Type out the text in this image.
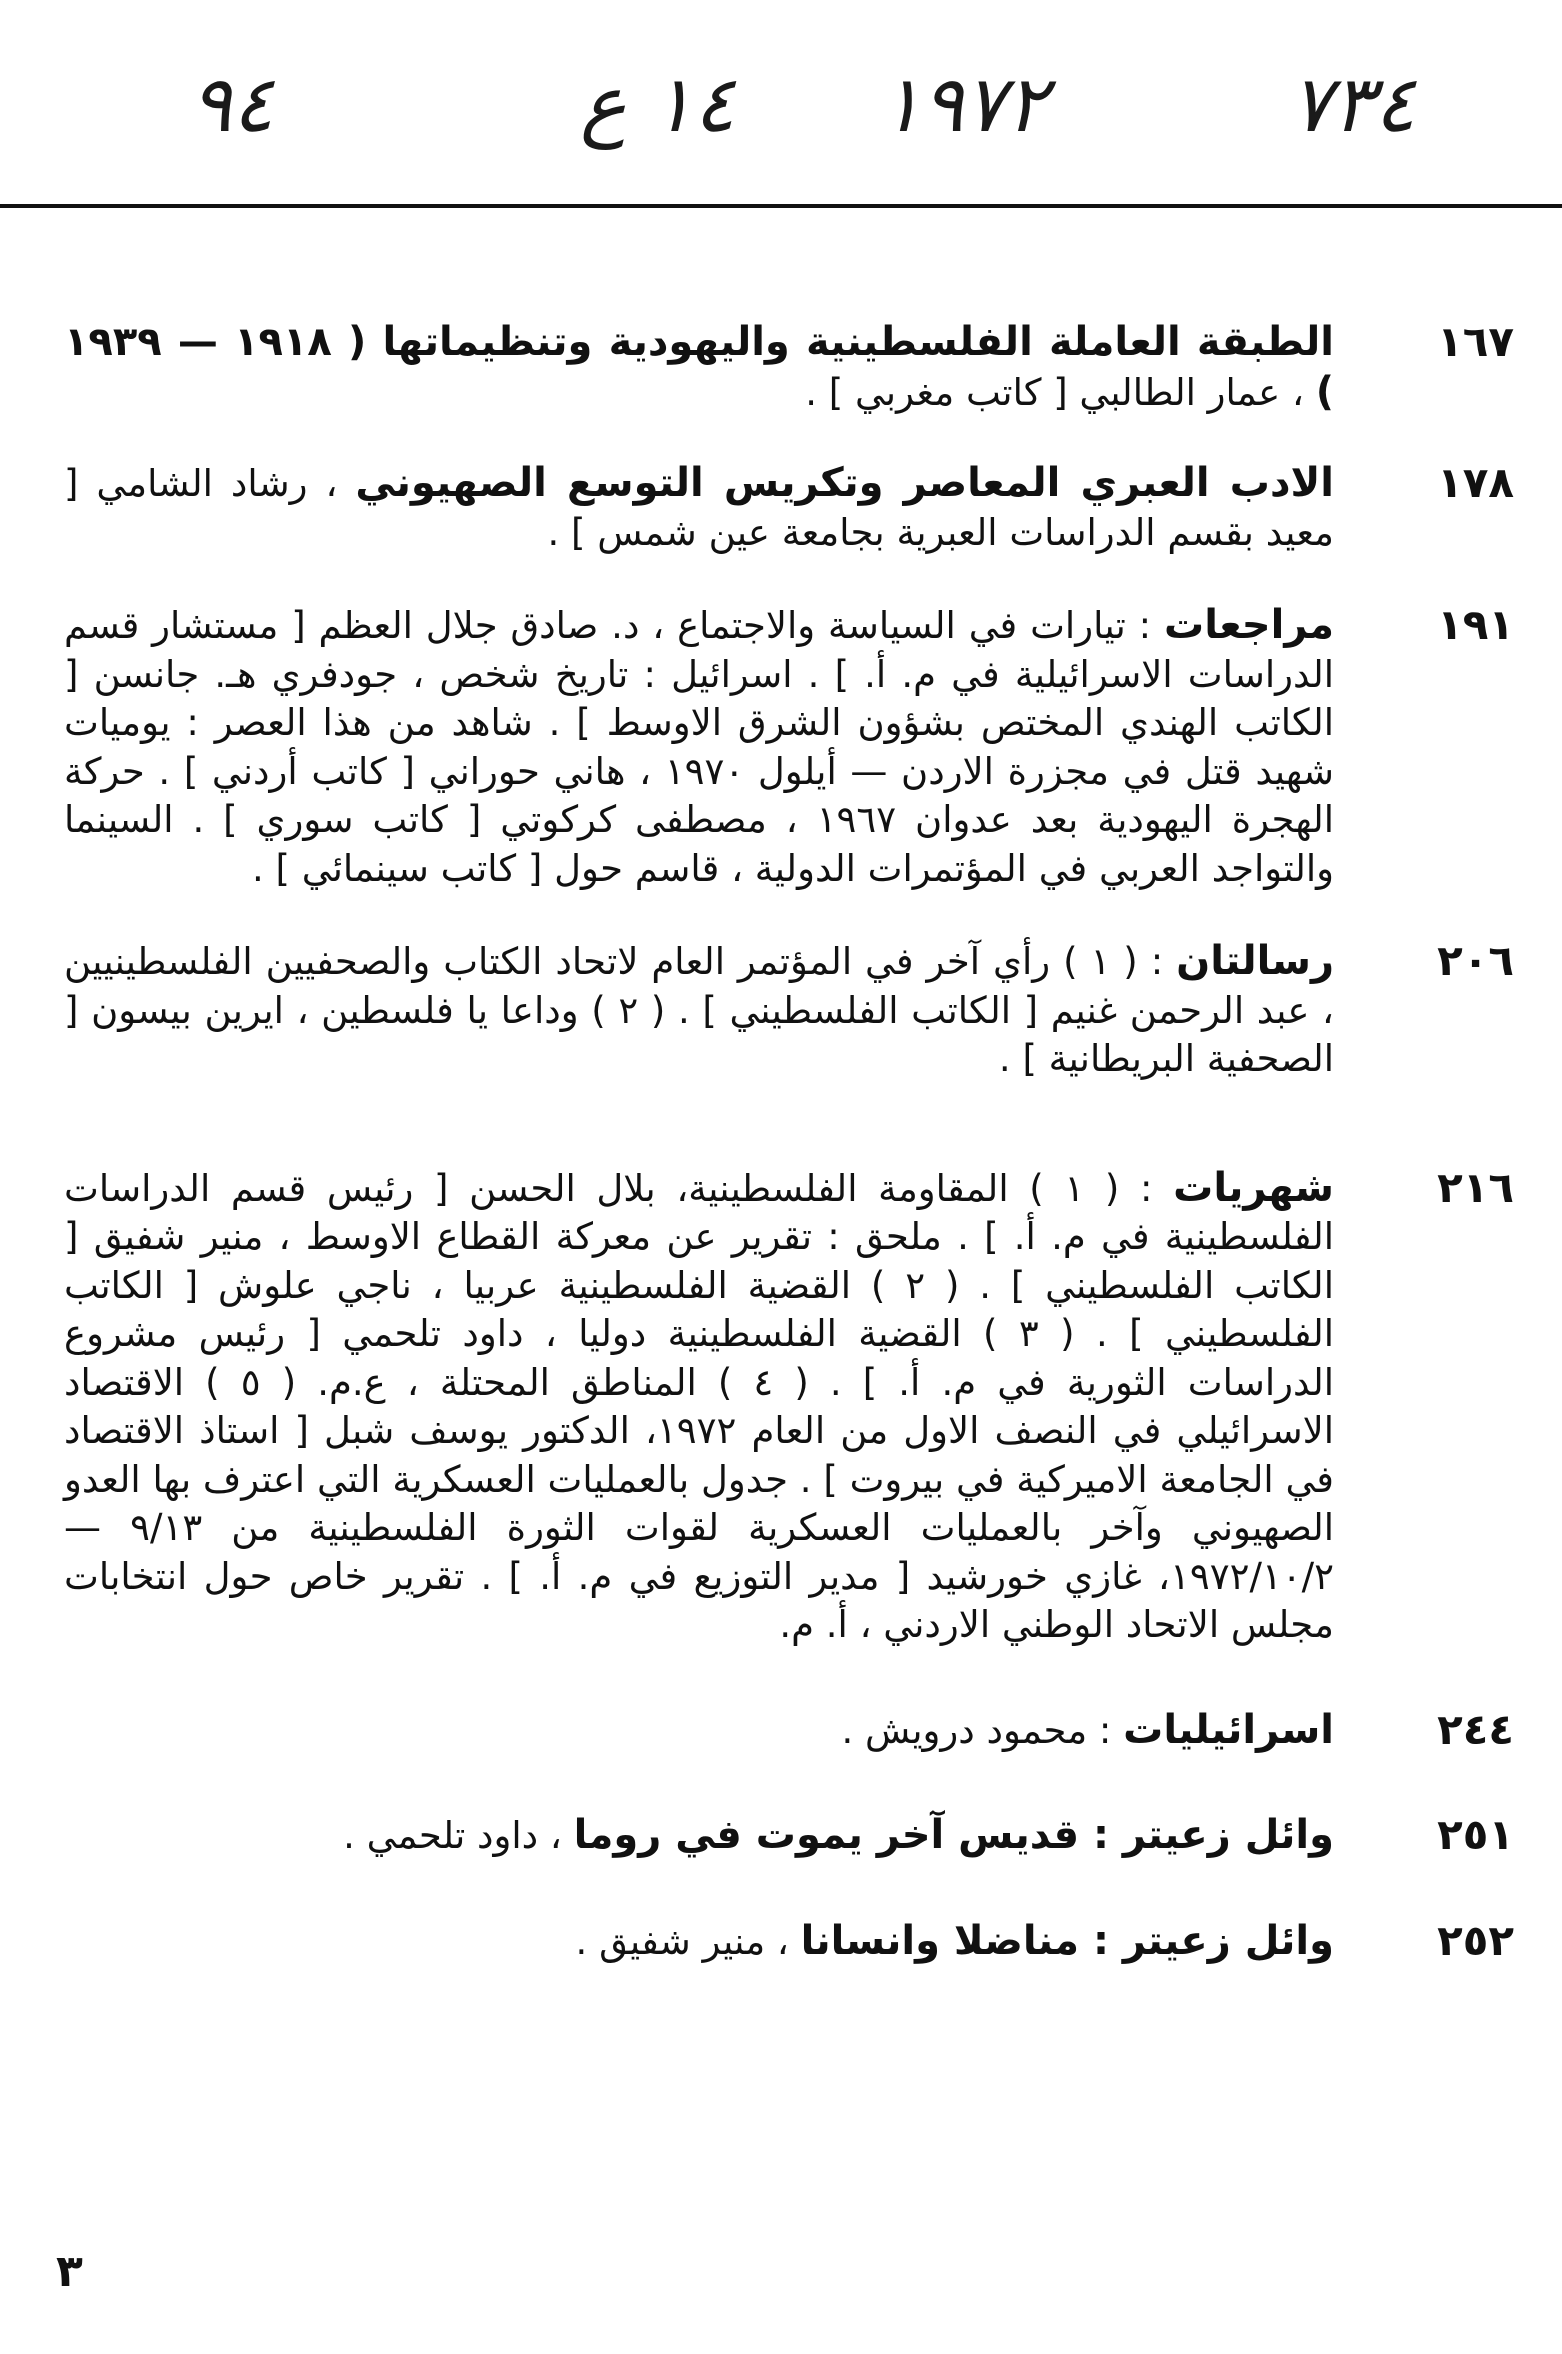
٩٤	١٤ ع ١٩٧٢	٧٣٤
١٦٧
الطبقة العاملة الفلسطينية واليهودية وتنظيماتها ( ١٩١٨ — ١٩٣٩ ) ، عمار الطالبي [ كاتب مغربي ] .
١٧٨
الادب العبري المعاصر وتكريس التوسع الصهيوني ، رشاد الشامي [ معيد بقسم الدراسات العبرية بجامعة عين شمس ] .
١٩١
مراجعات : تيارات في السياسة والاجتماع ، د. صادق جلال العظم [ مستشار قسم الدراسات الاسرائيلية في م. أ. ] . اسرائيل : تاريخ شخص ، جودفري هـ. جانسن [ الكاتب الهندي المختص بشؤون الشرق الاوسط ] . شاهد من هذا العصر : يوميات شهيد قتل في مجزرة الاردن — أيلول ١٩٧٠ ، هاني حوراني [ كاتب أردني ] . حركة الهجرة اليهودية بعد عدوان ١٩٦٧ ، مصطفى كركوتي [ كاتب سوري ] . السينما والتواجد العربي في المؤتمرات الدولية ، قاسم حول [ كاتب سينمائي ] .
٢٠٦
رسالتان : ( ١ ) رأي آخر في المؤتمر العام لاتحاد الكتاب والصحفيين الفلسطينيين ، عبد الرحمن غنيم [ الكاتب الفلسطيني ] . ( ٢ ) وداعا يا فلسطين ، ايرين بيسون [ الصحفية البريطانية ] .
٢١٦
شهريات : ( ١ ) المقاومة الفلسطينية، بلال الحسن [ رئيس قسم الدراسات الفلسطينية في م. أ. ] . ملحق : تقرير عن معركة القطاع الاوسط ، منير شفيق [ الكاتب الفلسطيني ] . ( ٢ ) القضية الفلسطينية عربيا ، ناجي علوش [ الكاتب الفلسطيني ] . ( ٣ ) القضية الفلسطينية دوليا ، داود تلحمي [ رئيس مشروع الدراسات الثورية في م. أ. ] . ( ٤ ) المناطق المحتلة ، ع.م. ( ٥ ) الاقتصاد الاسرائيلي في النصف الاول من العام ١٩٧٢، الدكتور يوسف شبل [ استاذ الاقتصاد في الجامعة الاميركية في بيروت ] . جدول بالعمليات العسكرية التي اعترف بها العدو الصهيوني وآخر بالعمليات العسكرية لقوات الثورة الفلسطينية من ٩/١٣ — ١٩٧٢/١٠/٢، غازي خورشيد [ مدير التوزيع في م. أ. ] . تقرير خاص حول انتخابات مجلس الاتحاد الوطني الاردني ، أ. م.
٢٤٤
اسرائيليات : محمود درويش .
٢٥١
وائل زعيتر : قديس آخر يموت في روما ، داود تلحمي .
٢٥٢
وائل زعيتر : مناضلا وانسانا ، منير شفيق .
٣
